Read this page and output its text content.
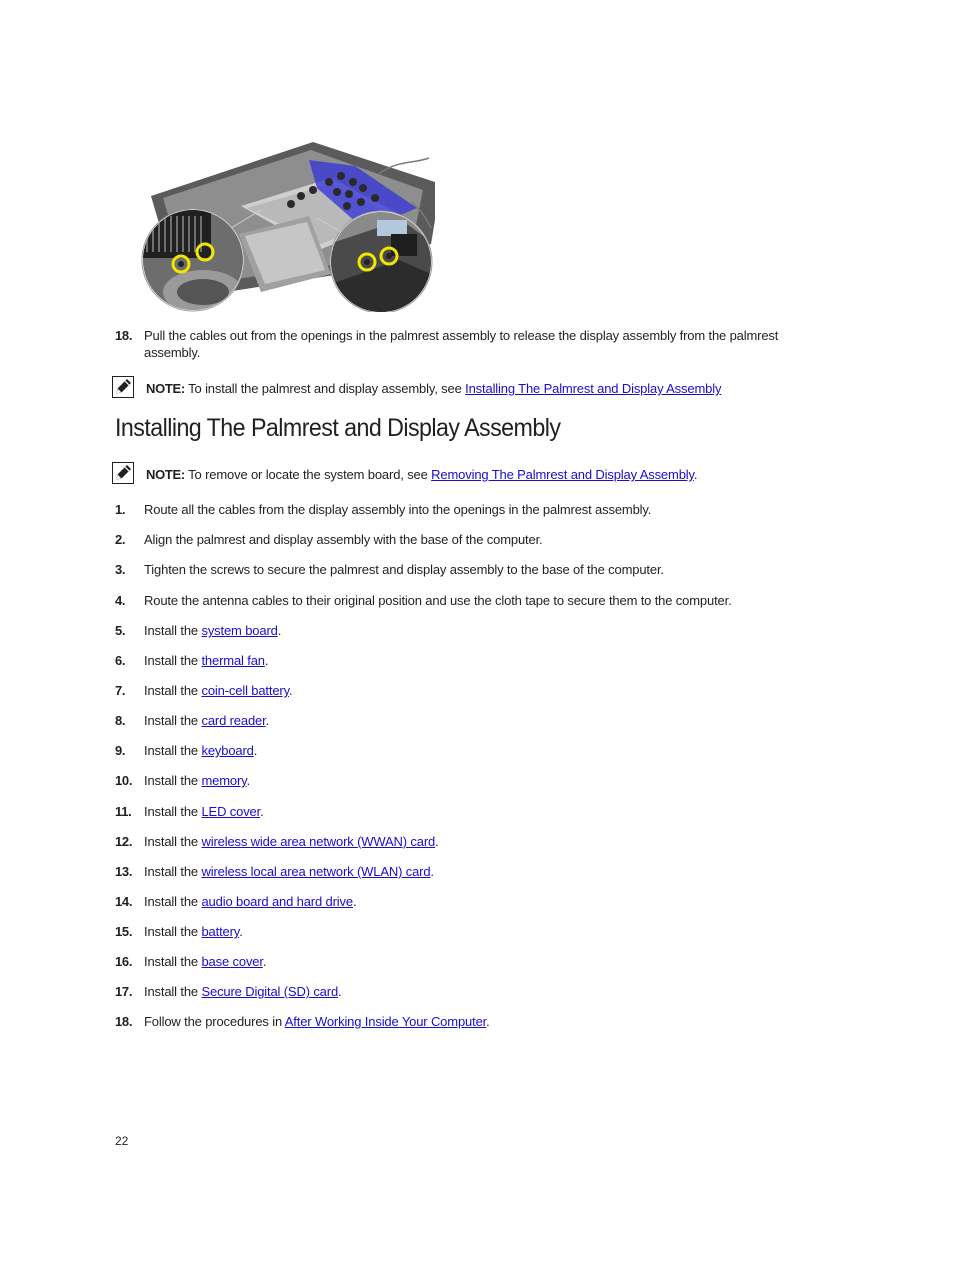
18. Pull the cables out from the openings in the palmrest assembly to release the display assembly from the palmrest assembly.
NOTE: To install the palmrest and display assembly, see Installing The Palmrest and Display Assembly
Installing The Palmrest and Display Assembly
NOTE: To remove or locate the system board, see Removing The Palmrest and Display Assembly.
1.	Route all the cables from the display assembly into the openings in the palmrest assembly.
2.	Align the palmrest and display assembly with the base of the computer.
3.	Tighten the screws to secure the palmrest and display assembly to the base of the computer.
4.	Route the antenna cables to their original position and use the cloth tape to secure them to the computer.
5.	Install the system board.
6.	Install the thermal fan.
7.	Install the coin-cell battery.
8.	Install the card reader.
9.	Install the keyboard.
10. Install the memory.
11. Install the LED cover.
12. Install the wireless wide area network (WWAN) card.
13. Install the wireless local area network (WLAN) card.
14. Install the audio board and hard drive.
15. Install the battery.
16. Install the base cover.
17. Install the Secure Digital (SD) card.
18. Follow the procedures in After Working Inside Your Computer.
22
